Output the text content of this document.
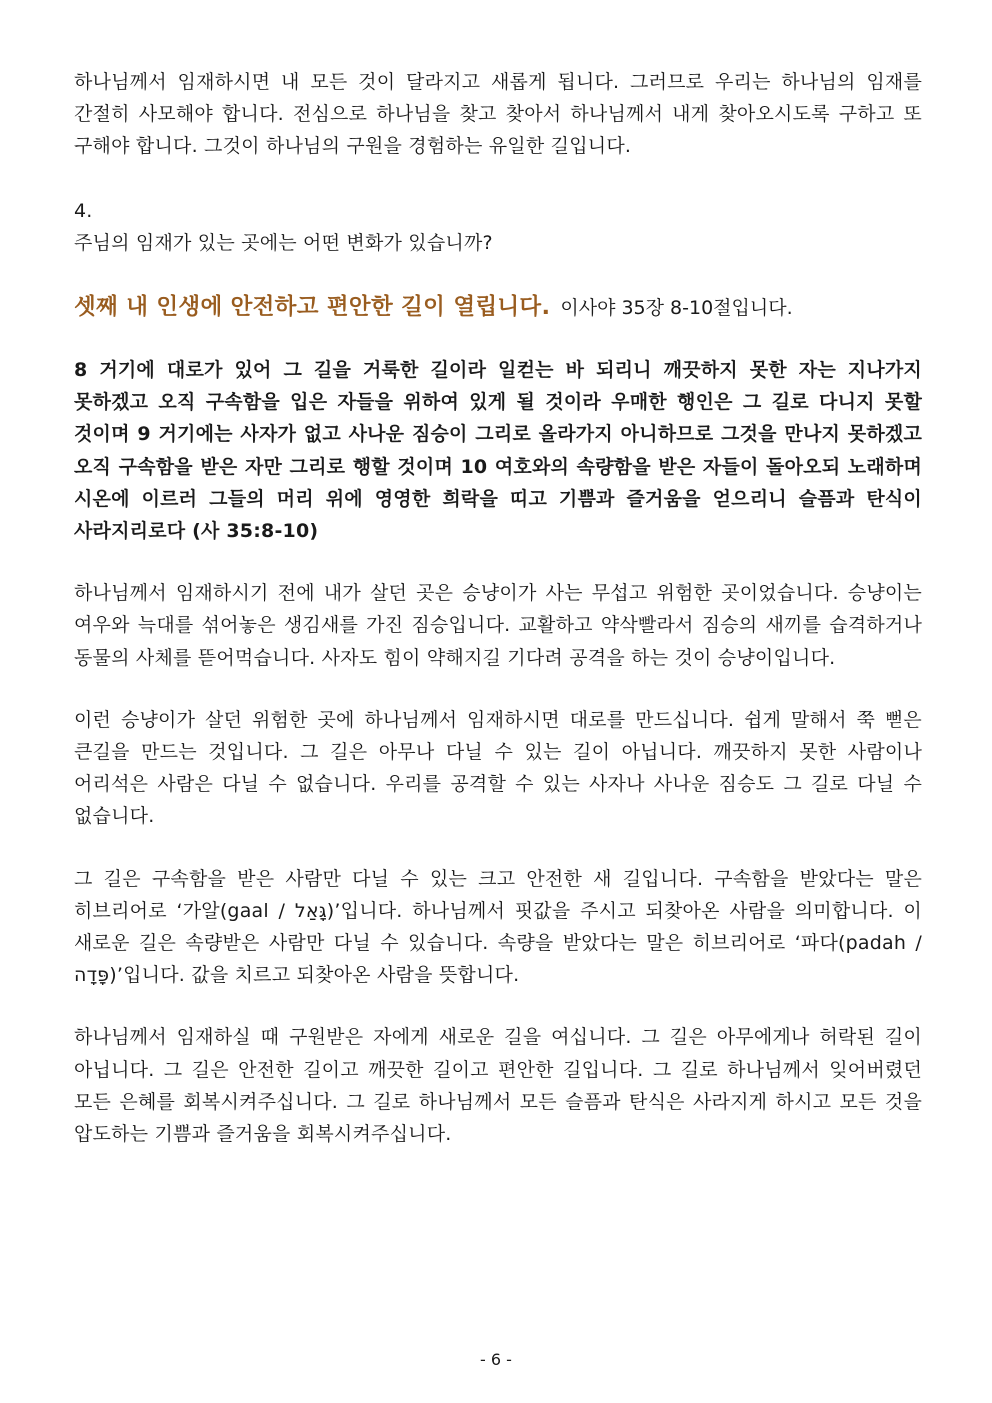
하나님께서 임재하시면 내 모든 것이 달라지고 새롭게 됩니다. 그러므로 우리는 하나님의 임재를 간절히 사모해야 합니다. 전심으로 하나님을 찾고 찾아서 하나님께서 내게 찾아오시도록 구하고 또 구해야 합니다. 그것이 하나님의 구원을 경험하는 유일한 길입니다.

4.

주님의 임재가 있는 곳에는 어떤 변화가 있습니까?

셋째 내 인생에 안전하고 편안한 길이 열립니다. 이사야 35장 8-10절입니다.

8 거기에 대로가 있어 그 길을 거룩한 길이라 일컫는 바 되리니 깨끗하지 못한 자는 지나가지 못하겠고 오직 구속함을 입은 자들을 위하여 있게 될 것이라 우매한 행인은 그 길로 다니지 못할 것이며 9 거기에는 사자가 없고 사나운 짐승이 그리로 올라가지 아니하므로 그것을 만나지 못하겠고 오직 구속함을 받은 자만 그리로 행할 것이며 10 여호와의 속량함을 받은 자들이 돌아오되 노래하며 시온에 이르러 그들의 머리 위에 영영한 희락을 띠고 기쁨과 즐거움을 얻으리니 슬픔과 탄식이 사라지리로다 (사 35:8-10)

하나님께서 임재하시기 전에 내가 살던 곳은 승냥이가 사는 무섭고 위험한 곳이었습니다. 승냥이는 여우와 늑대를 섞어놓은 생김새를 가진 짐승입니다. 교활하고 약삭빨라서 짐승의 새끼를 습격하거나 동물의 사체를 뜯어먹습니다. 사자도 힘이 약해지길 기다려 공격을 하는 것이 승냥이입니다.

이런 승냥이가 살던 위험한 곳에 하나님께서 임재하시면 대로를 만드십니다. 쉽게 말해서 쭉 뻗은 큰길을 만드는 것입니다. 그 길은 아무나 다닐 수 있는 길이 아닙니다. 깨끗하지 못한 사람이나 어리석은 사람은 다닐 수 없습니다. 우리를 공격할 수 있는 사자나 사나운 짐승도 그 길로 다닐 수 없습니다.

그 길은 구속함을 받은 사람만 다닐 수 있는 크고 안전한 새 길입니다. 구속함을 받았다는 말은 히브리어로 ‘가알(gaal / גָּאַל)’입니다. 하나님께서 핏값을 주시고 되찾아온 사람을 의미합니다. 이 새로운 길은 속량받은 사람만 다닐 수 있습니다. 속량을 받았다는 말은 히브리어로 ‘파다(padah / פָּדָה)’입니다. 값을 치르고 되찾아온 사람을 뜻합니다.

하나님께서 임재하실 때 구원받은 자에게 새로운 길을 여십니다. 그 길은 아무에게나 허락된 길이 아닙니다. 그 길은 안전한 길이고 깨끗한 길이고 편안한 길입니다. 그 길로 하나님께서 잊어버렸던 모든 은혜를 회복시켜주십니다. 그 길로 하나님께서 모든 슬픔과 탄식은 사라지게 하시고 모든 것을 압도하는 기쁨과 즐거움을 회복시켜주십니다.

- 6 -
